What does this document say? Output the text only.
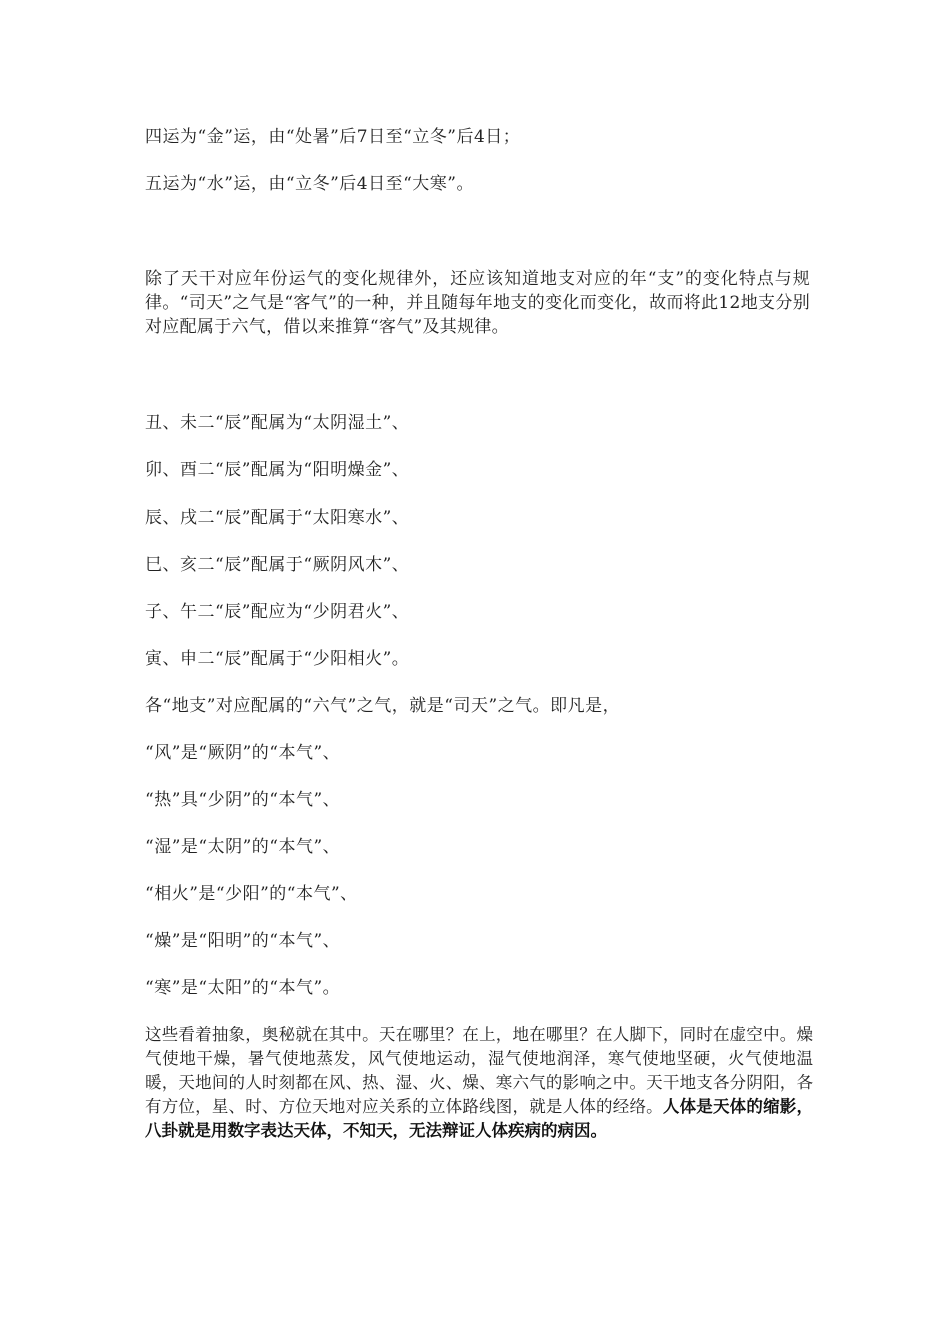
四运为“金”运，由“处暑”后7日至“立冬”后4日；
五运为“水”运，由“立冬”后4日至“大寒”。
除了天干对应年份运气的变化规律外，还应该知道地支对应的年“支”的变化特点与规律。“司天”之气是“客气”的一种，并且随每年地支的变化而变化，故而将此12地支分别对应配属于六气，借以来推算“客气”及其规律。
丑、未二“辰”配属为“太阴湿土”、
卯、酉二“辰”配属为“阳明燥金”、
辰、戌二“辰”配属于“太阳寒水”、
巳、亥二“辰”配属于“厥阴风木”、
子、午二“辰”配应为“少阴君火”、
寅、申二“辰”配属于“少阳相火”。
各“地支”对应配属的“六气”之气，就是“司天”之气。即凡是，
“风”是“厥阴”的“本气”、
“热”具“少阴”的“本气”、
“湿”是“太阴”的“本气”、
“相火”是“少阳”的“本气”、
“燥”是“阳明”的“本气”、
“寒”是“太阳”的“本气”。
这些看着抽象，奥秘就在其中。天在哪里？在上，地在哪里？在人脚下，同时在虚空中。燥气使地干燥，暑气使地蒸发，风气使地运动，湿气使地润泽，寒气使地坚硬，火气使地温暖，天地间的人时刻都在风、热、湿、火、燥、寒六气的影响之中。天干地支各分阴阳，各有方位，星、时、方位天地对应关系的立体路线图，就是人体的经络。人体是天体的缩影，八卦就是用数字表达天体，不知天，无法辩证人体疾病的病因。
